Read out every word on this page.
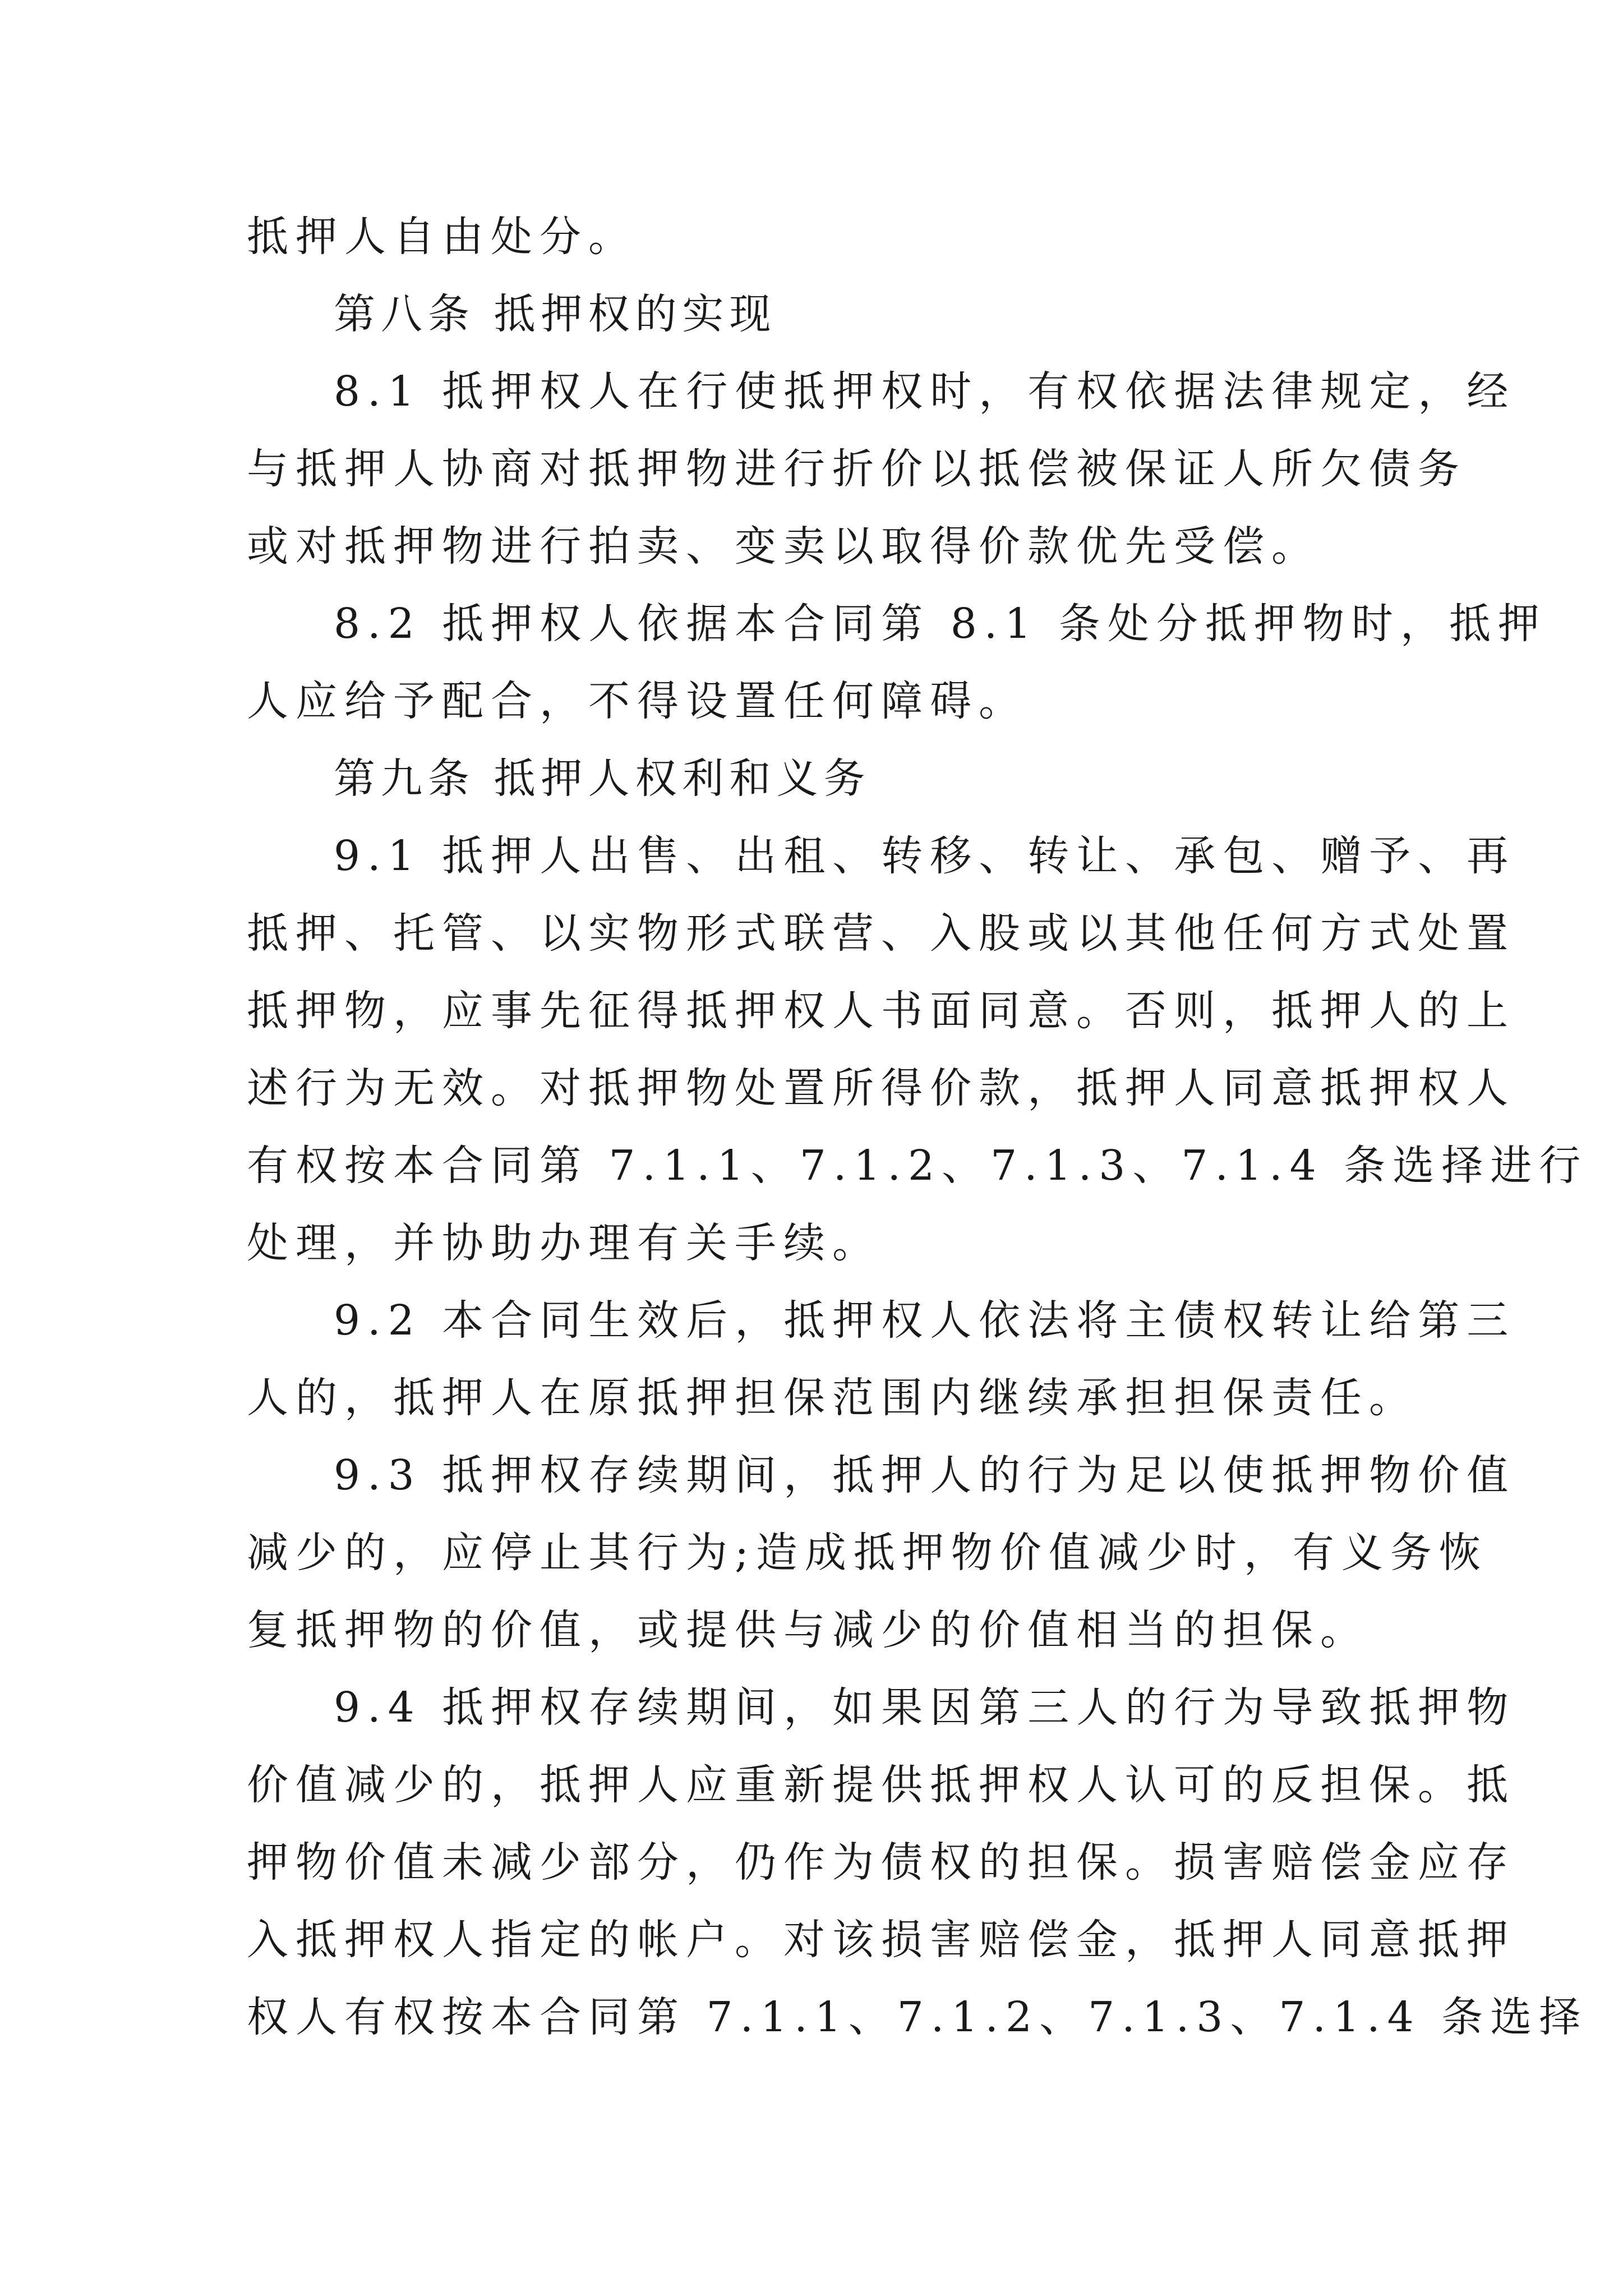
抵押人自由处分。

第八条 抵押权的实现

8.1 抵押权人在行使抵押权时，有权依据法律规定，经

与抵押人协商对抵押物进行折价以抵偿被保证人所欠债务

或对抵押物进行拍卖、变卖以取得价款优先受偿。

8.2 抵押权人依据本合同第 8.1 条处分抵押物时，抵押

人应给予配合，不得设置任何障碍。

第九条 抵押人权利和义务

9.1 抵押人出售、出租、转移、转让、承包、赠予、再

抵押、托管、以实物形式联营、入股或以其他任何方式处置

抵押物，应事先征得抵押权人书面同意。否则，抵押人的上

述行为无效。对抵押物处置所得价款，抵押人同意抵押权人

有权按本合同第 7.1.1、7.1.2、7.1.3、7.1.4 条选择进行

处理，并协助办理有关手续。

9.2 本合同生效后，抵押权人依法将主债权转让给第三

人的，抵押人在原抵押担保范围内继续承担担保责任。

9.3 抵押权存续期间，抵押人的行为足以使抵押物价值

减少的，应停止其行为;造成抵押物价值减少时，有义务恢

复抵押物的价值，或提供与减少的价值相当的担保。

9.4 抵押权存续期间，如果因第三人的行为导致抵押物

价值减少的，抵押人应重新提供抵押权人认可的反担保。抵

押物价值未减少部分，仍作为债权的担保。损害赔偿金应存

入抵押权人指定的帐户。对该损害赔偿金，抵押人同意抵押

权人有权按本合同第 7.1.1、7.1.2、7.1.3、7.1.4 条选择
